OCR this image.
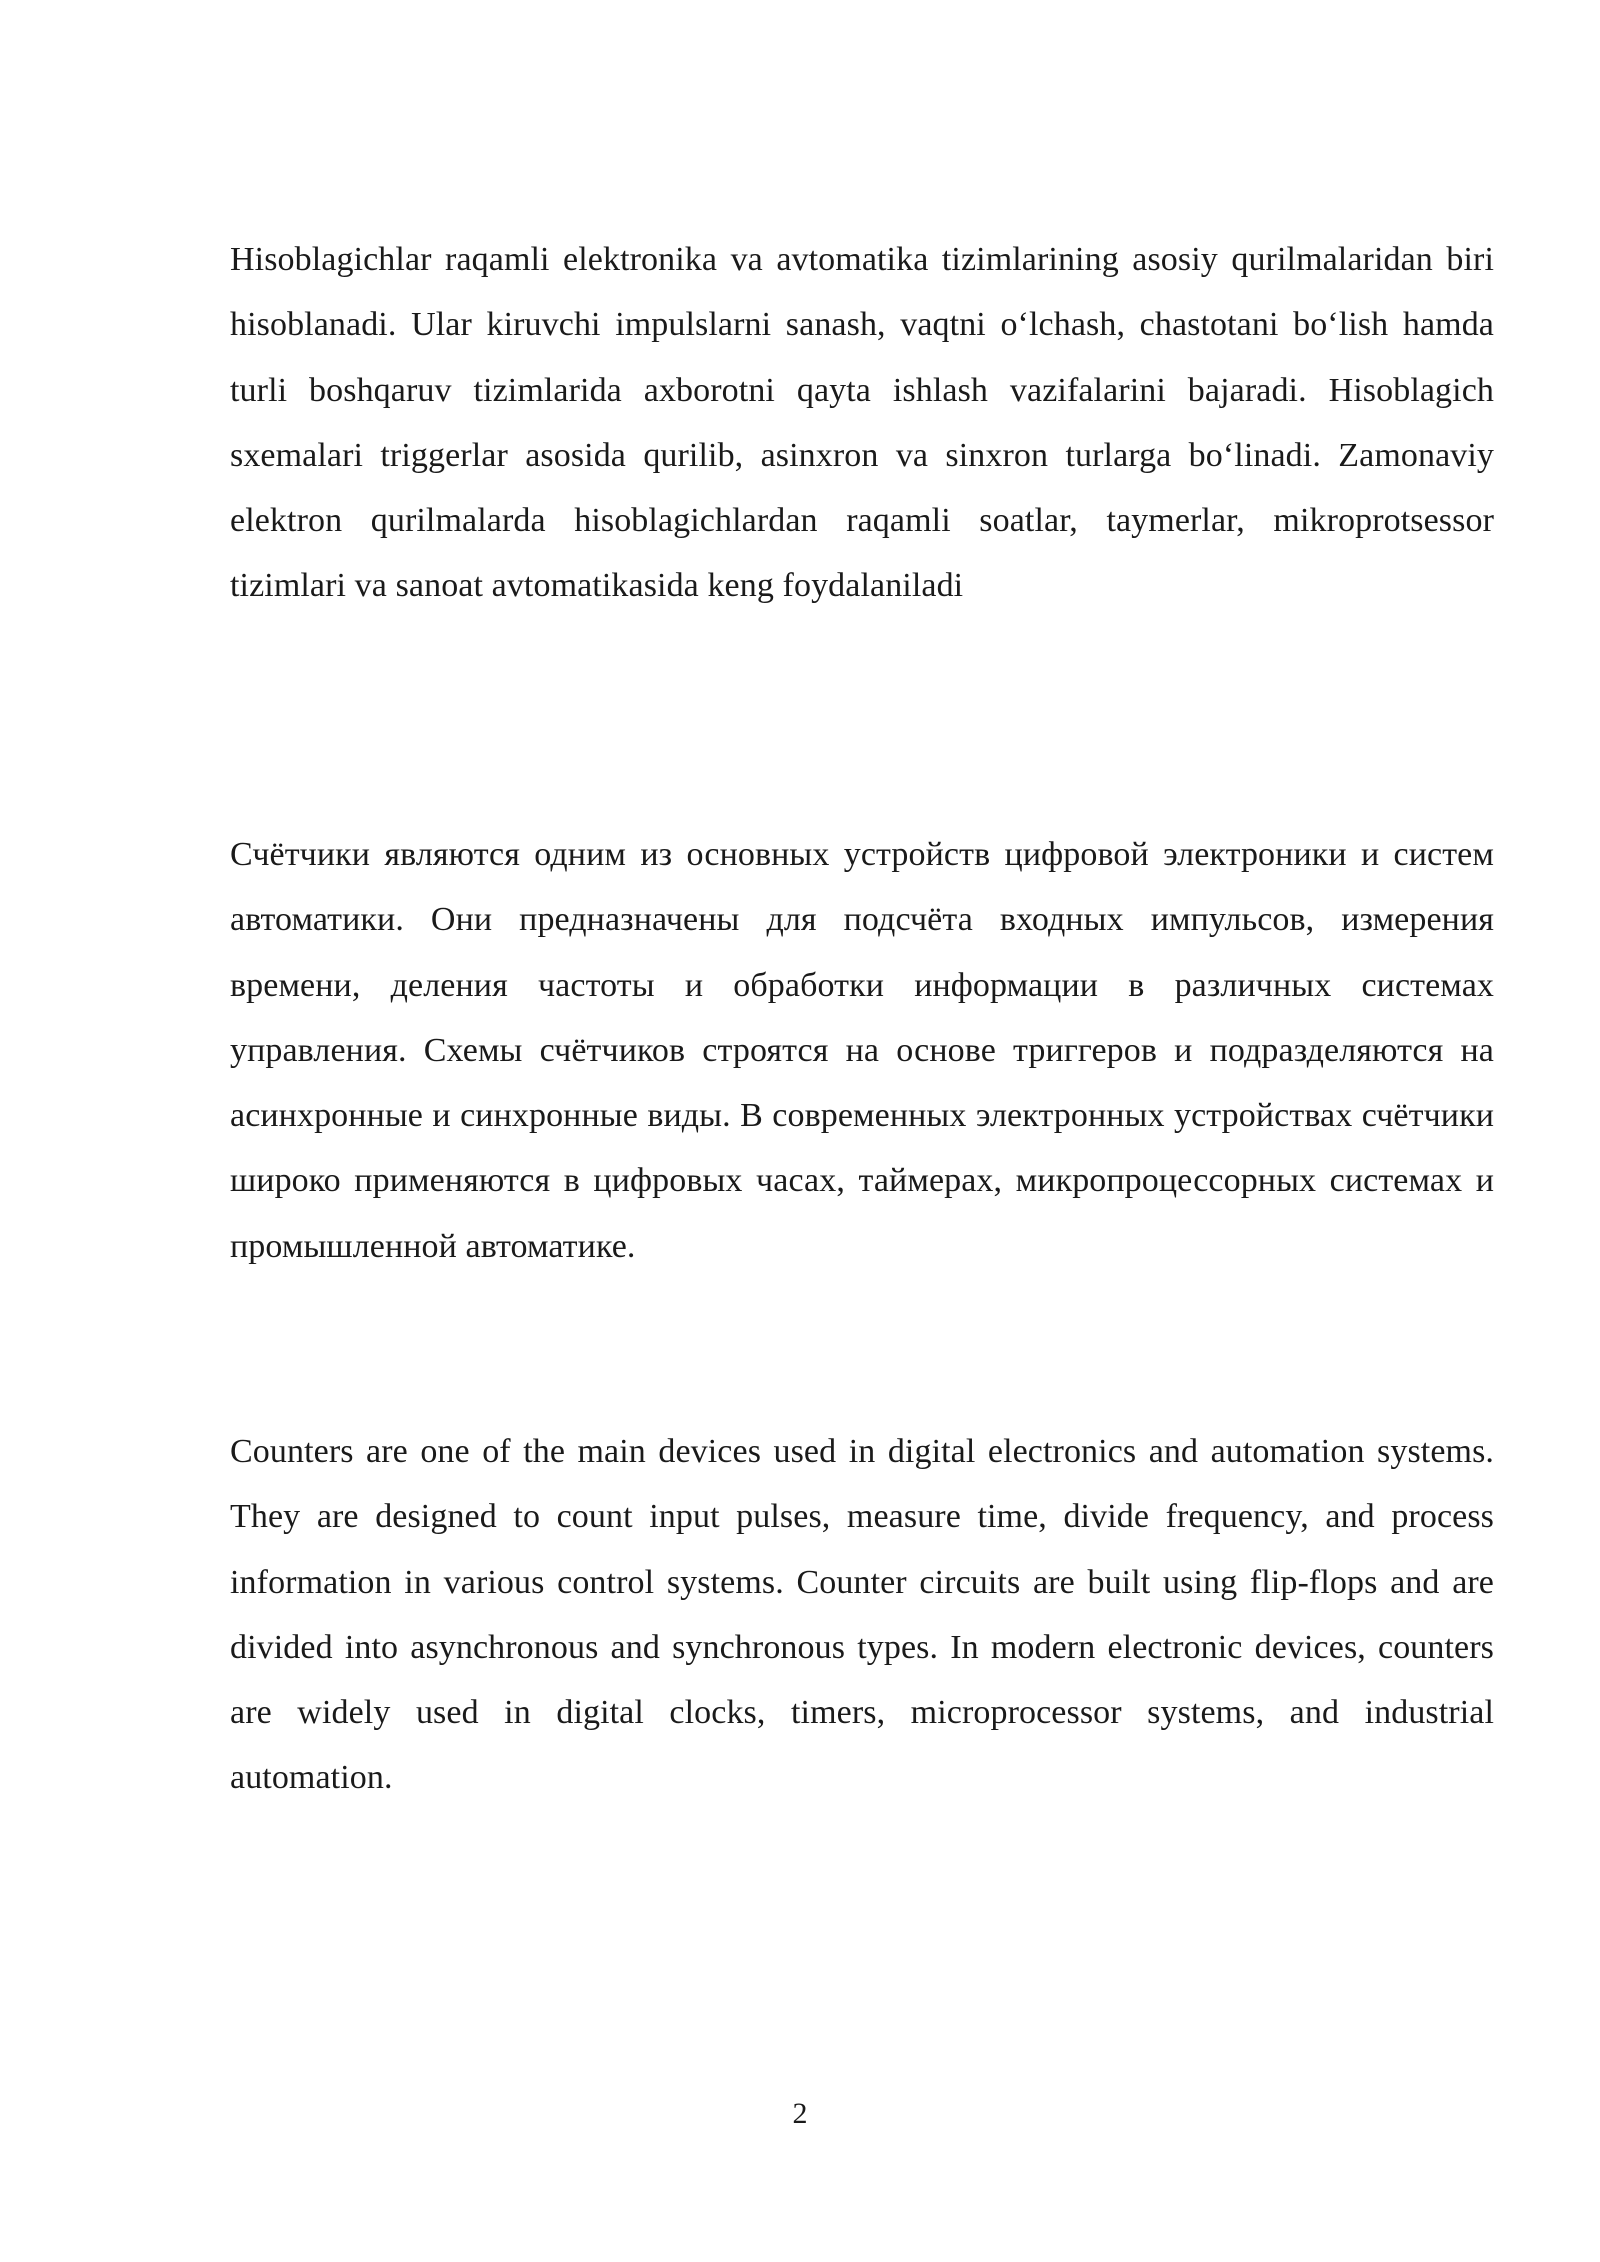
Hisoblagichlar raqamli elektronika va avtomatika tizimlarining asosiy qurilmalaridan biri hisoblanadi. Ular kiruvchi impulslarni sanash, vaqtni o‘lchash, chastotani bo‘lish hamda turli boshqaruv tizimlarida axborotni qayta ishlash vazifalarini bajaradi. Hisoblagich sxemalari triggerlar asosida qurilib, asinxron va sinxron turlarga bo‘linadi. Zamonaviy elektron qurilmalarda hisoblagichlardan raqamli soatlar, taymerlar, mikroprotsessor tizimlari va sanoat avtomatikasida keng foydalaniladi

Счётчики являются одним из основных устройств цифровой электроники и систем автоматики. Они предназначены для подсчёта входных импульсов, измерения времени, деления частоты и обработки информации в различных системах управления. Схемы счётчиков строятся на основе триггеров и подразделяются на асинхронные и синхронные виды. В современных электронных устройствах счётчики широко применяются в цифровых часах, таймерах, микропроцессорных системах и промышленной автоматике.

Counters are one of the main devices used in digital electronics and automation systems. They are designed to count input pulses, measure time, divide frequency, and process information in various control systems. Counter circuits are built using flip-flops and are divided into asynchronous and synchronous types. In modern electronic devices, counters are widely used in digital clocks, timers, microprocessor systems, and industrial automation.

2
